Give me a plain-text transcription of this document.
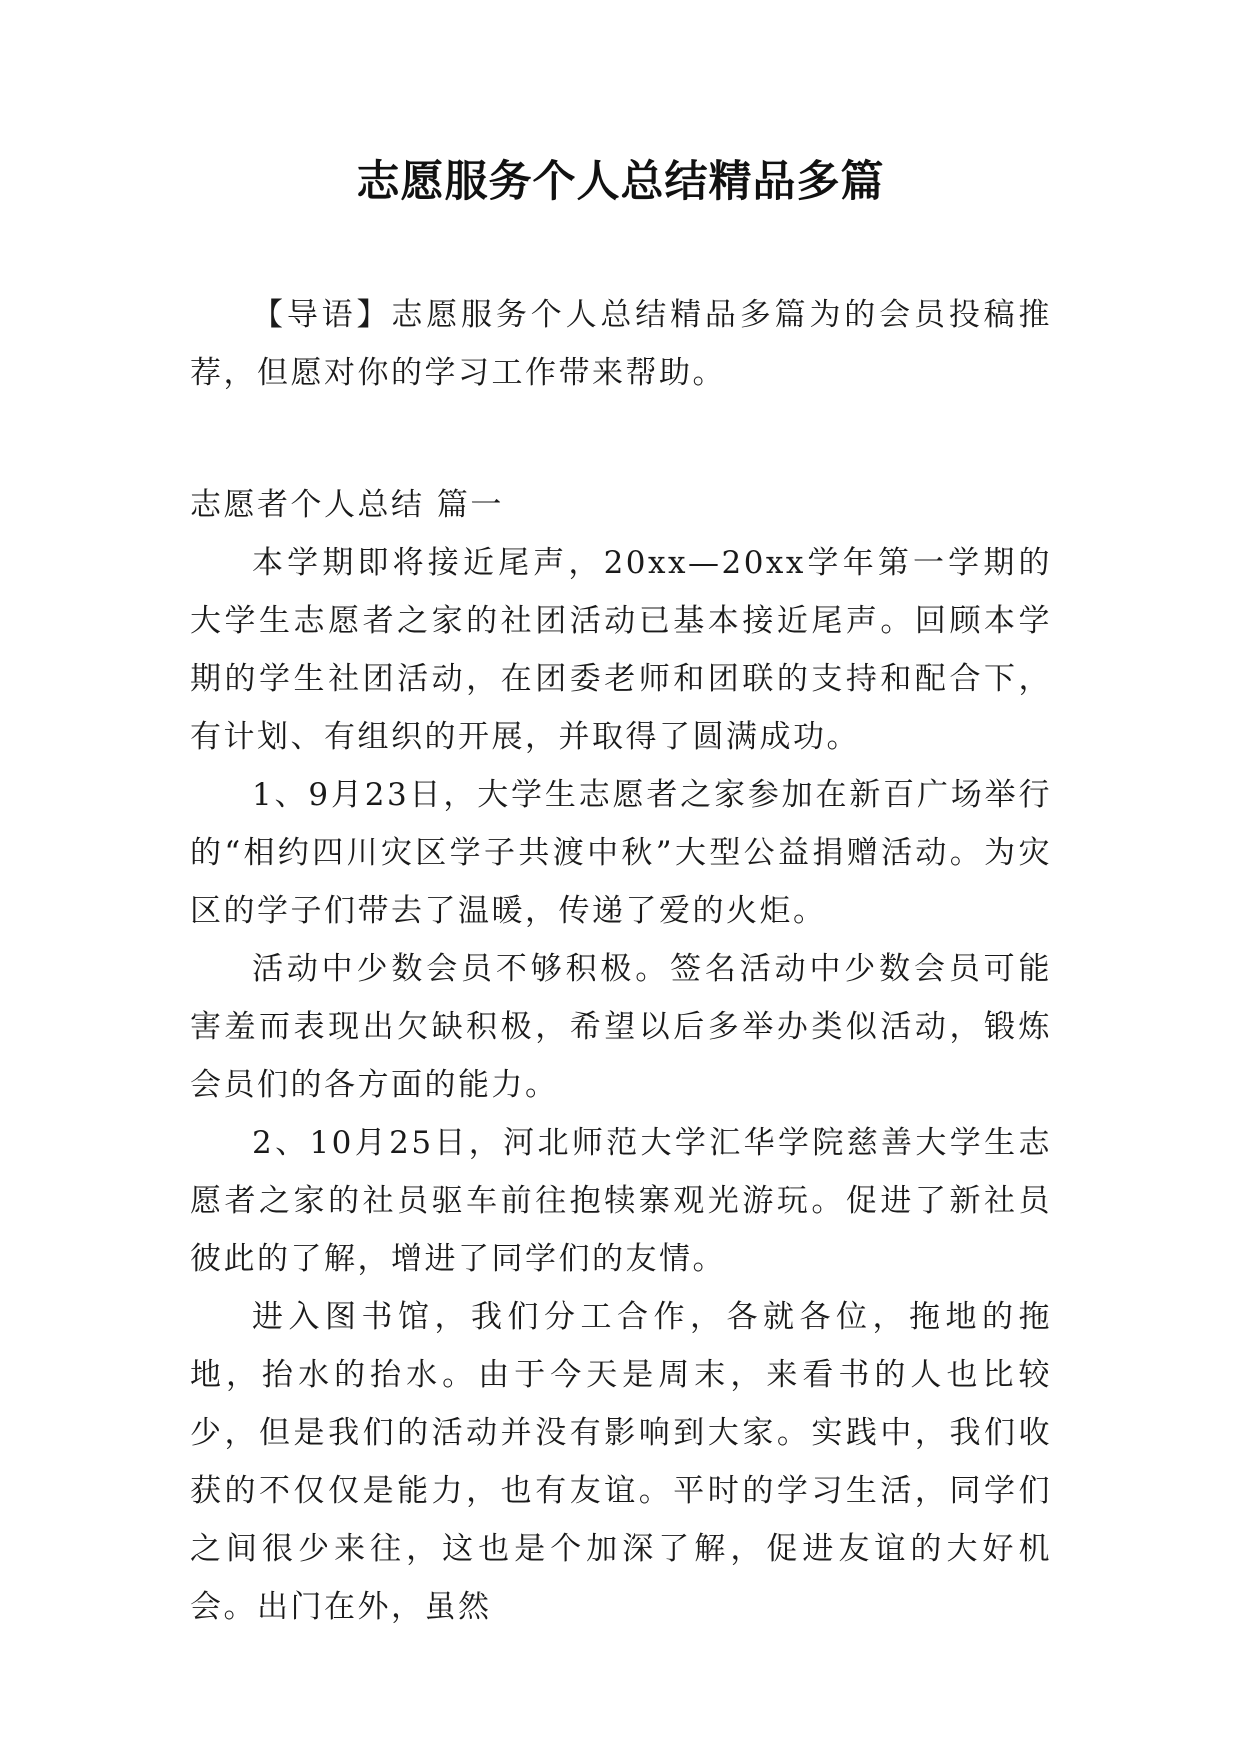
志愿服务个人总结精品多篇

【导语】志愿服务个人总结精品多篇为的会员投稿推荐，但愿对你的学习工作带来帮助。

志愿者个人总结 篇一

本学期即将接近尾声，20xx—20xx学年第一学期的大学生志愿者之家的社团活动已基本接近尾声。回顾本学期的学生社团活动，在团委老师和团联的支持和配合下，有计划、有组织的开展，并取得了圆满成功。

1、9月23日，大学生志愿者之家参加在新百广场举行的“相约四川灾区学子共渡中秋”大型公益捐赠活动。为灾区的学子们带去了温暖，传递了爱的火炬。

活动中少数会员不够积极。签名活动中少数会员可能害羞而表现出欠缺积极，希望以后多举办类似活动，锻炼会员们的各方面的能力。

2、10月25日，河北师范大学汇华学院慈善大学生志愿者之家的社员驱车前往抱犊寨观光游玩。促进了新社员彼此的了解，增进了同学们的友情。

进入图书馆，我们分工合作，各就各位，拖地的拖地，抬水的抬水。由于今天是周末，来看书的人也比较少，但是我们的活动并没有影响到大家。实践中，我们收获的不仅仅是能力，也有友谊。平时的学习生活，同学们之间很少来往，这也是个加深了解，促进友谊的大好机会。出门在外，虽然
